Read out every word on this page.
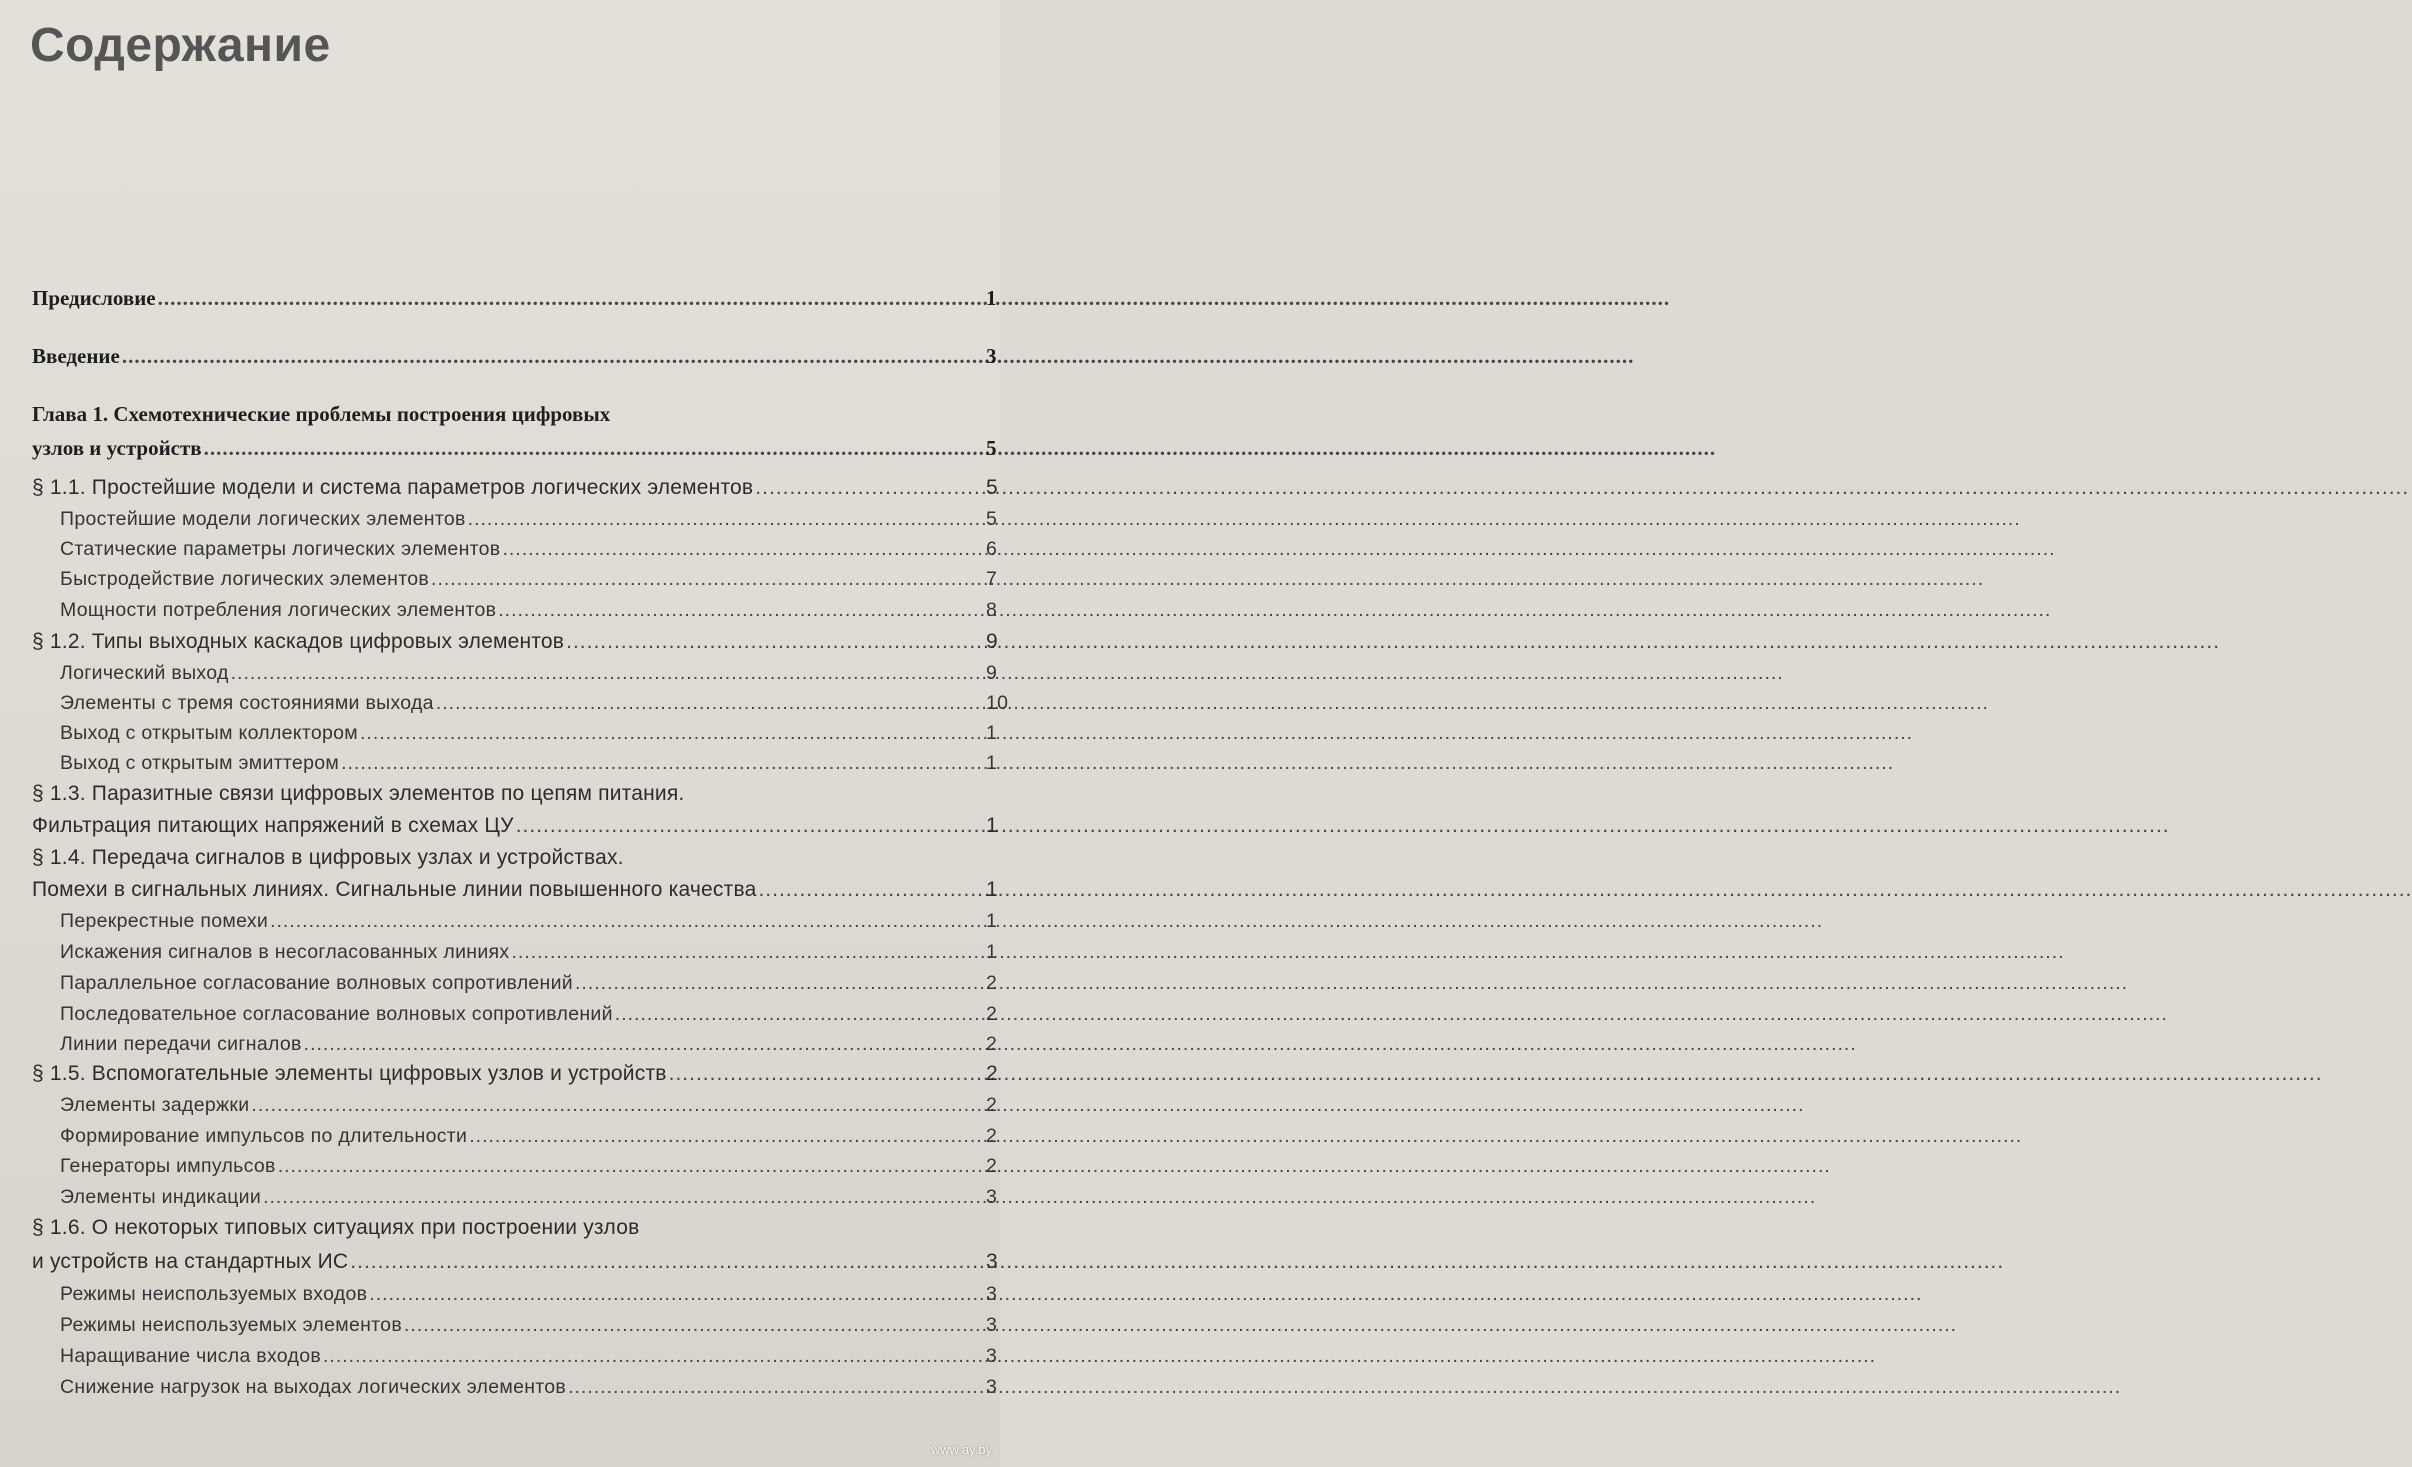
Содержание
Предисловие .....	1
Введение .....	3
Глава 1. Схемотехнические проблемы построения цифровых
узлов и устройств .....	5
§ 1.1. Простейшие модели и система параметров логических элементов .....	5
Простейшие модели логических элементов .....	5
Статические параметры логических элементов .....	6
Быстродействие логических элементов .....	7
Мощности потребления логических элементов .....	8
§ 1.2. Типы выходных каскадов цифровых элементов .....	9
Логический выход .....	9
Элементы с тремя состояниями выхода .....	10
Выход с открытым коллектором .....	1
Выход с открытым эмиттером .....	1
§ 1.3. Паразитные связи цифровых элементов по цепям питания.
Фильтрация питающих напряжений в схемах ЦУ .....	1
§ 1.4. Передача сигналов в цифровых узлах и устройствах.
Помехи в сигнальных линиях. Сигнальные линии повышенного качества .....	1
Перекрестные помехи .....	1
Искажения сигналов в несогласованных линиях .....	1
Параллельное согласование волновых сопротивлений .....	2
Последовательное согласование волновых сопротивлений .....	2
Линии передачи сигналов .....	2
§ 1.5. Вспомогательные элементы цифровых узлов и устройств .....	2
Элементы задержки .....	2
Формирование импульсов по длительности .....	2
Генераторы импульсов .....	2
Элементы индикации .....	3
§ 1.6. О некоторых типовых ситуациях при построении узлов
и устройств на стандартных ИС .....	3
Режимы неиспользуемых входов .....	3
Режимы неиспользуемых элементов .....	3
Наращивание числа входов .....	3
Снижение нагрузок на выходах логических элементов .....	3
www.ay.by
